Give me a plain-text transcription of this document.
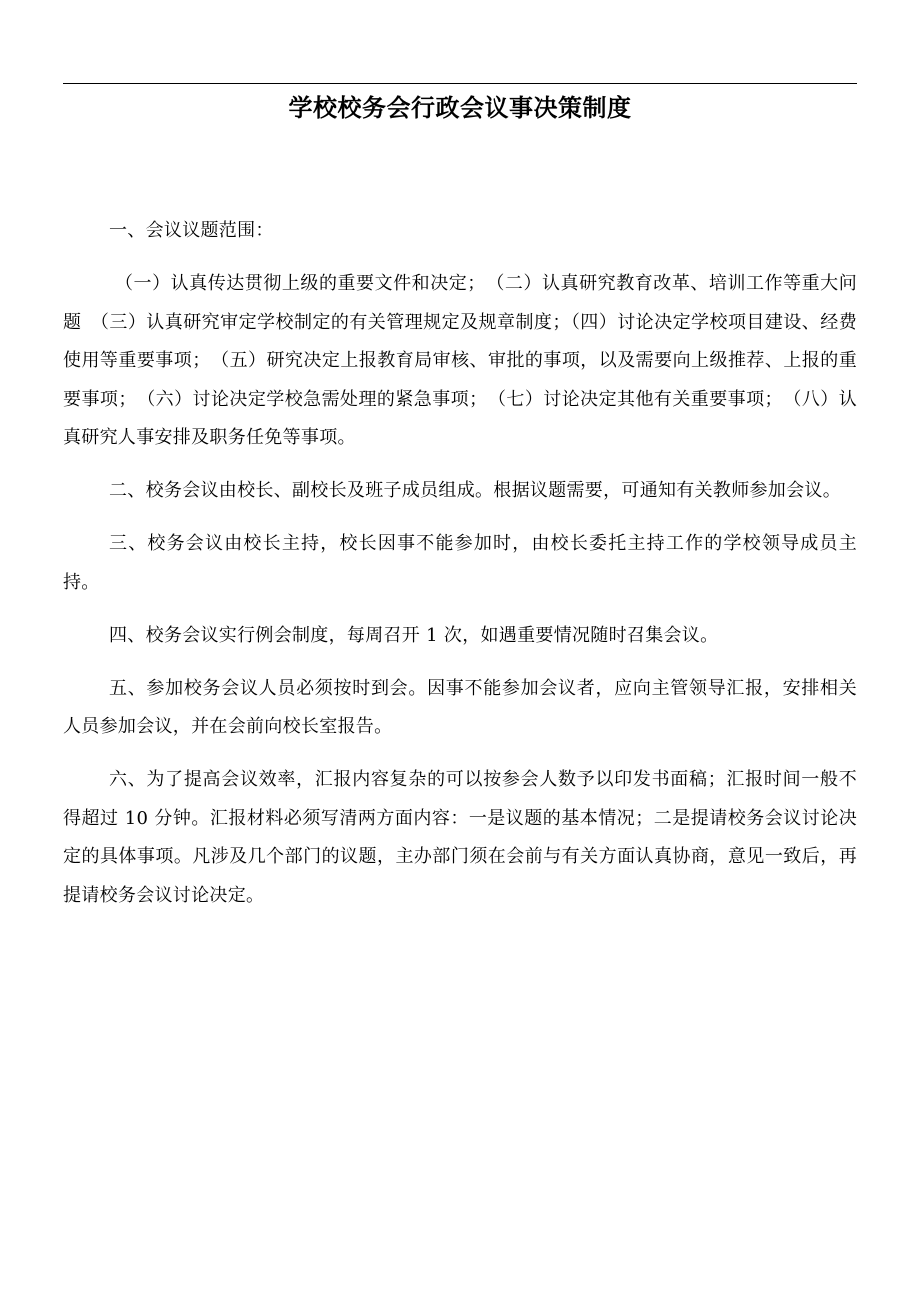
学校校务会行政会议事决策制度

一、会议议题范围：

（一）认真传达贯彻上级的重要文件和决定；　（二）认真研究教育改革、培训工作等重大问题　（三）认真研究审定学校制定的有关管理规定及规章制度；（四）讨论决定学校项目建设、经费使用等重要事项；　（五）研究决定上报教育局审核、审批的事项，以及需要向上级推荐、上报的重要事项；　（六）讨论决定学校急需处理的紧急事项；　（七）讨论决定其他有关重要事项；　（八）认真研究人事安排及职务任免等事项。

二、校务会议由校长、副校长及班子成员组成。根据议题需要，可通知有关教师参加会议。

三、校务会议由校长主持，校长因事不能参加时，由校长委托主持工作的学校领导成员主持。

四、校务会议实行例会制度，每周召开 1 次，如遇重要情况随时召集会议。

五、参加校务会议人员必须按时到会。因事不能参加会议者，应向主管领导汇报，安排相关人员参加会议，并在会前向校长室报告。

六、为了提高会议效率，汇报内容复杂的可以按参会人数予以印发书面稿；汇报时间一般不得超过 10 分钟。汇报材料必须写清两方面内容：一是议题的基本情况；二是提请校务会议讨论决定的具体事项。凡涉及几个部门的议题，主办部门须在会前与有关方面认真协商，意见一致后，再提请校务会议讨论决定。
